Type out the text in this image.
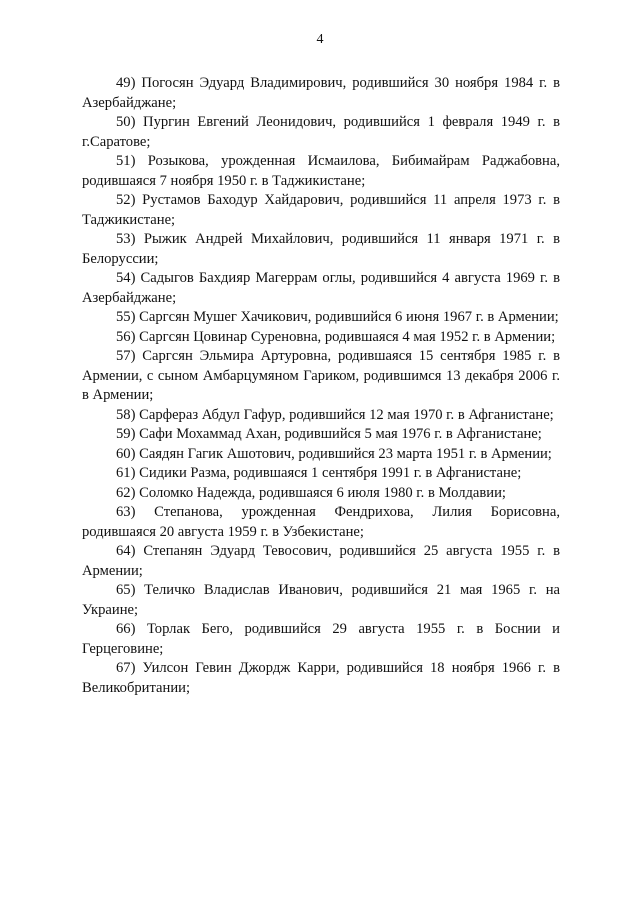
4
49) Погосян Эдуард Владимирович, родившийся 30 ноября 1984 г. в Азербайджане;
50) Пургин Евгений Леонидович, родившийся 1 февраля 1949 г. в г.Саратове;
51) Розыкова, урожденная Исмаилова, Бибимайрам Раджабовна, родившаяся 7 ноября 1950 г. в Таджикистане;
52) Рустамов Баходур Хайдарович, родившийся 11 апреля 1973 г. в Таджикистане;
53) Рыжик Андрей Михайлович, родившийся 11 января 1971 г. в Белоруссии;
54) Садыгов Бахдияр Магеррам оглы, родившийся 4 августа 1969 г. в Азербайджане;
55) Саргсян Мушег Хачикович, родившийся 6 июня 1967 г. в Армении;
56) Саргсян Цовинар Суреновна, родившаяся 4 мая 1952 г. в Армении;
57) Саргсян Эльмира Артуровна, родившаяся 15 сентября 1985 г. в Армении, с сыном Амбарцумяном Гариком, родившимся 13 декабря 2006 г. в Армении;
58) Сарфераз Абдул Гафур, родившийся 12 мая 1970 г. в Афганистане;
59) Сафи Мохаммад Ахан, родившийся 5 мая 1976 г. в Афганистане;
60) Саядян Гагик Ашотович, родившийся 23 марта 1951 г. в Армении;
61) Сидики Разма, родившаяся 1 сентября 1991 г. в Афганистане;
62) Соломко Надежда, родившаяся 6 июля 1980 г. в Молдавии;
63) Степанова, урожденная Фендрихова, Лилия Борисовна, родившаяся 20 августа 1959 г. в Узбекистане;
64) Степанян Эдуард Тевосович, родившийся 25 августа 1955 г. в Армении;
65) Теличко Владислав Иванович, родившийся 21 мая 1965 г. на Украине;
66) Торлак Бего, родившийся 29 августа 1955 г. в Боснии и Герцеговине;
67) Уилсон Гевин Джордж Карри, родившийся 18 ноября 1966 г. в Великобритании;
